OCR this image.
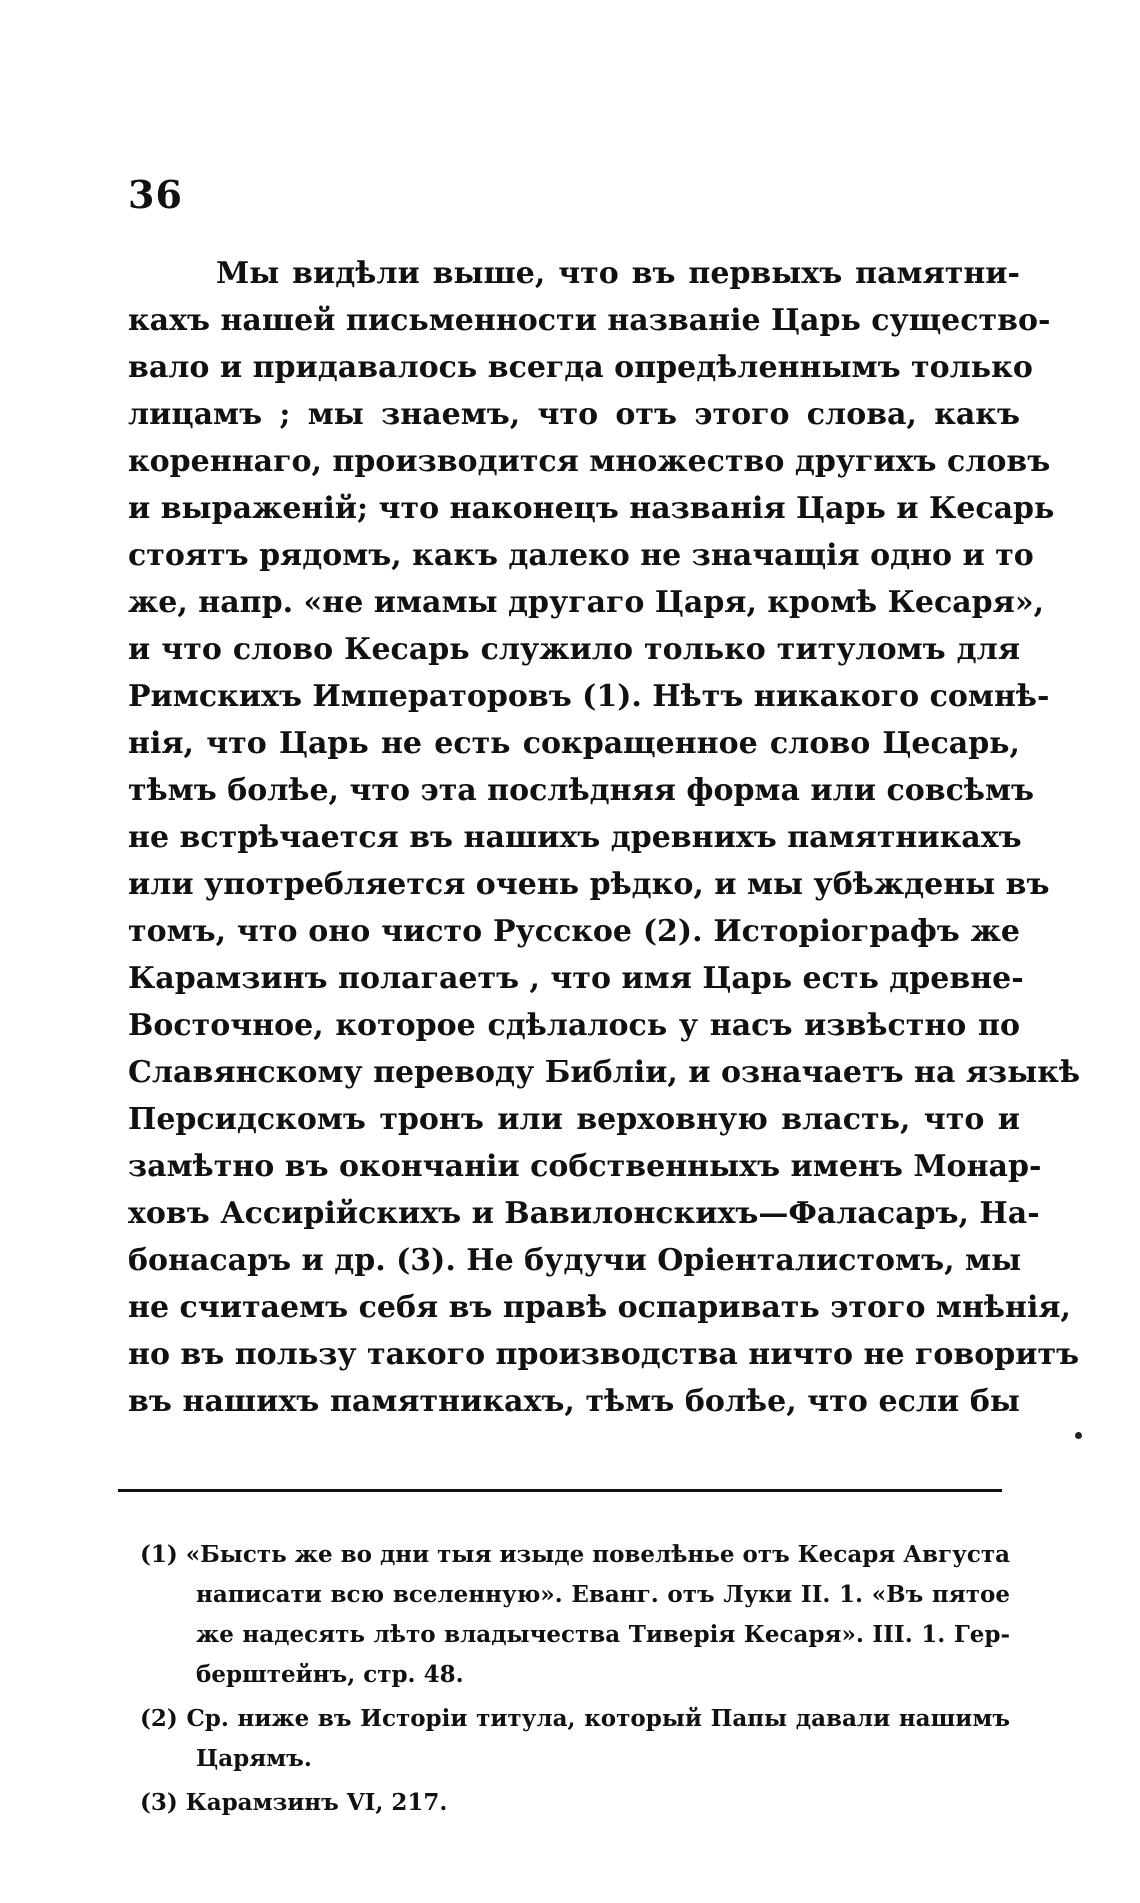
36
Мы видѣли выше, что въ первыхъ памятни-
кахъ нашей письменности названіе Царь существо-
вало и придавалось всегда опредѣленнымъ только
лицамъ ; мы знаемъ, что отъ этого слова, какъ
кореннаго, производится множество другихъ словъ
и выраженій; что наконецъ названія Царь и Кесарь
стоятъ рядомъ, какъ далеко не значащія одно и то
же, напр. «не имамы другаго Царя, кромѣ Кесаря»,
и что слово Кесарь служило только титуломъ для
Римскихъ Императоровъ (1). Нѣтъ никакого сомнѣ-
нія, что Царь не есть сокращенное слово Цесарь,
тѣмъ болѣе, что эта послѣдняя форма или совсѣмъ
не встрѣчается въ нашихъ древнихъ памятникахъ
или употребляется очень рѣдко, и мы убѣждены въ
томъ, что оно чисто Русское (2). Исторіографъ же
Карамзинъ полагаетъ , что имя Царь есть древне-
Восточное, которое сдѣлалось у насъ извѣстно по
Славянскому переводу Библіи, и означаетъ на языкѣ
Персидскомъ тронъ или верховную власть, что и
замѣтно въ окончаніи собственныхъ именъ Монар-
ховъ Ассирійскихъ и Вавилонскихъ—Фаласаръ, На-
бонасаръ и др. (3). Не будучи Оріенталистомъ, мы
не считаемъ себя въ правѣ оспаривать этого мнѣнія,
но въ пользу такого производства ничто не говоритъ
въ нашихъ памятникахъ, тѣмъ болѣе, что если бы
(1) «Бысть же во дни тыя изыде повелѣнье отъ Кесаря Августа
написати всю вселенную». Еванг. отъ Луки II. 1. «Въ пятое
же надесять лѣто владычества Тиверія Кесаря». III. 1. Гер-
берштейнъ, стр. 48.
(2) Ср. ниже въ Исторіи титула, который Папы давали нашимъ
Царямъ.
(3) Карамзинъ VI, 217.
